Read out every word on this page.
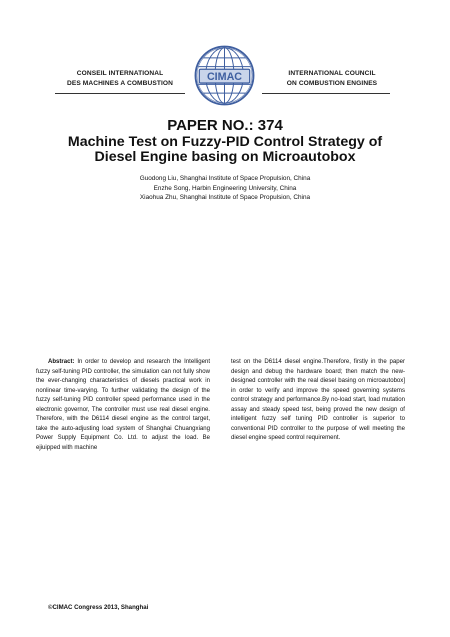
CONSEIL INTERNATIONAL
DES MACHINES A COMBUSTION
CIMAC	INTERNATIONAL COUNCIL
ON COMBUSTION ENGINES
PAPER NO.: 374
Machine Test on Fuzzy-PID Control Strategy of
Diesel Engine basing on Microautobox
Guodong Liu, Shanghai Institute of Space Propulsion, China
Enzhe Song, Harbin Engineering University, China
Xiaohua Zhu, Shanghai Institute of Space Propulsion, China
Abstract: In order to develop and research the Intelligent fuzzy self-tuning PID controller, the simulation can not fully show the ever-changing characteristics of diesels practical work in nonlinear time-varying. To further validating the design of the fuzzy self-tuning PID controller speed performance used in the electronic governor, The controller must use real diesel engine. Therefore, with the D6114 diesel engine as the control target, take the auto-adjusting load system of Shanghai Chuangxiang Power Supply Equipment Co. Ltd. to adjust the load. Be ejiuipped with machine
test on the D6114 diesel engine.Therefore, firstly in the paper design and debug the hardware board; then match the new-designed controller with the real diesel basing on microautobox] in order to verify and improve the speed governing systems control strategy and performance.By no-load start, load mutation assay and steady speed test, being proved the new design of intelligent fuzzy self tuning PID controller is superior to conventional PID controller to the purpose of well meeting the diesel engine speed control requirement.
©CIMAC Congress 2013, Shanghai
